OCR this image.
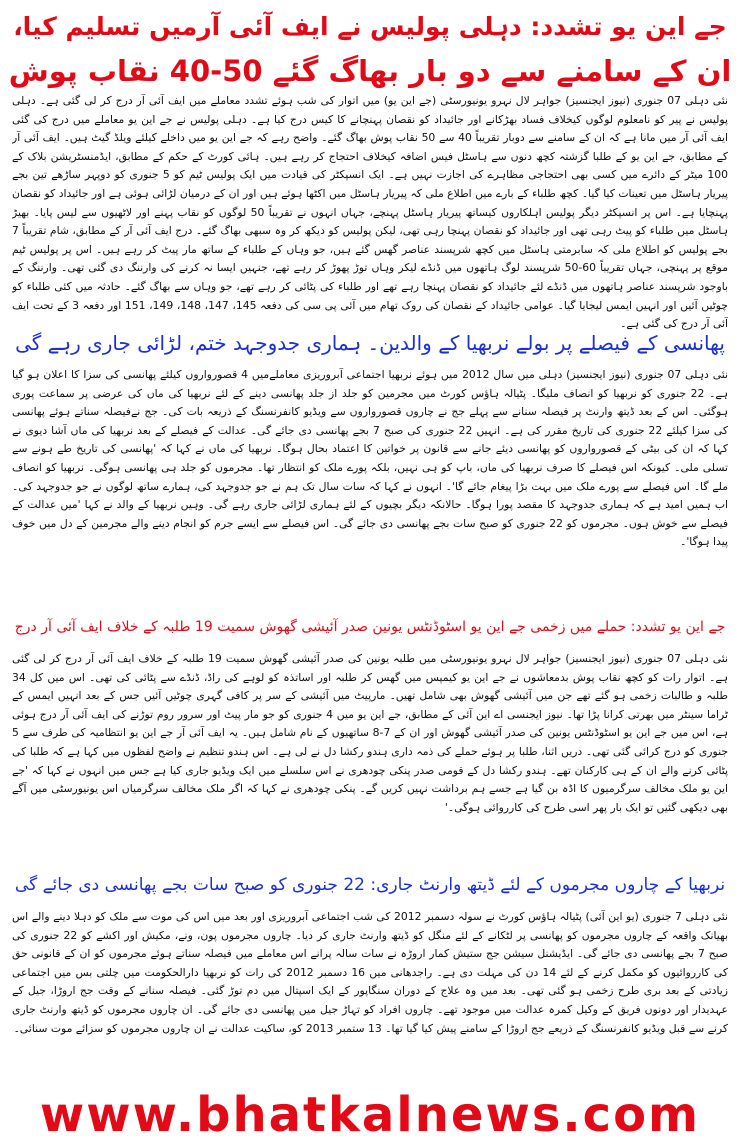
جے این یو تشدد: دہلی پولیس نے ایف آئی آرمیں تسلیم کیا،
ان کے سامنے سے دو بار بھاگ گئے 50-40 نقاب پوش
نئی دہلی 07 جنوری (نیوز ایجنسیز) جواہر لال نہرو یونیورسٹی (جے این یو) میں اتوار کی شب ہوئے تشدد معاملے میں ایف آئی آر درج کر لی گئی ہے۔ دہلی پولیس نے پیر کو نامعلوم لوگوں کیخلاف فساد بھڑکانے اور جائیداد کو نقصان پہنچانے کا کیس درج کیا ہے۔ دہلی پولیس نے جے این یو معاملے میں درج کی گئی ایف آئی آر میں مانا ہے کہ ان کے سامنے سے دوبار تقریباً 40 سے 50 نقاب پوش بھاگ گئے۔ واضح رہے کہ جے این یو میں داخلے کیلئے ویلڈ گیٹ ہیں۔ ایف آئی آر کے مطابق، جے این یو کے طلبا گزشتہ کچھ دنوں سے ہاسٹل فیس اضافہ کیخلاف احتجاج کر رہے ہیں۔ ہائی کورٹ کے حکم کے مطابق، ایڈمنسٹریشن بلاک کے 100 میٹر کے دائرے میں کسی بھی احتجاجی مظاہرے کی اجازت نہیں ہے۔ ایک انسپکٹر کی قیادت میں ایک پولیس ٹیم کو 5 جنوری کو دوپہر ساڑھے تین بجے پیریار ہاسٹل میں تعینات کیا گیا۔ کچھ طلباء کے بارے میں اطلاع ملی کہ پیریار ہاسٹل میں اکٹھا ہوئے ہیں اور ان کے درمیان لڑائی ہوئی ہے اور جائیداد کو نقصان پہنچایا ہے۔ اس پر انسپکٹر دیگر پولیس اہلکاروں کیساتھ پیریار ہاسٹل پہنچے، جہاں انہوں نے تقریباً 50 لوگوں کو نقاب پہنے اور لاٹھیوں سے لیس پایا۔ بھیڑ ہاسٹل میں طلباء کو پیٹ رہی تھی اور جائیداد کو نقصان پہنچا رہی تھی، لیکن پولیس کو دیکھ کر وہ سبھی بھاگ گئے۔ درج ایف آئی آر کے مطابق، شام تقریباً 7 بجے پولیس کو اطلاع ملی کہ سابرمتی ہاسٹل میں کچھ شرپسند عناصر گھس گئے ہیں، جو وہاں کے طلباء کے ساتھ مار پیٹ کر رہے ہیں۔ اس پر پولیس ٹیم موقع پر پہنچی، جہاں تقریباً 60-50 شرپسند لوگ ہاتھوں میں ڈنڈے لیکر وہاں توڑ پھوڑ کر رہے تھے، جنہیں ایسا نہ کرنے کی وارننگ دی گئی تھی۔ وارننگ کے باوجود شرپسند عناصر ہاتھوں میں ڈنڈے لئے جائیداد کو نقصان پہنچا رہے تھے اور طلباء کی پٹائی کر رہے تھے، جو وہاں سے بھاگ گئے۔ حادثہ میں کئی طلباء کو چوٹیں آئیں اور انہیں ایمس لیجایا گیا۔ عوامی جائیداد کے نقصان کی روک تھام میں آئی پی سی کی دفعہ 145، 147، 148، 149، 151 اور دفعہ 3 کے تحت ایف آئی آر درج کی گئی ہے۔
پھانسی کے فیصلے پر بولے نربھیا کے والدین۔ ہماری جدوجہد ختم، لڑائی جاری رہے گی
نئی دہلی 07 جنوری (نیوز ایجنسیز) دہلی میں سال 2012 میں ہوئے نربھیا اجتماعی آبروریزی معاملےمیں 4 قصورواروں کیلئے پھانسی کی سزا کا اعلان ہو گیا ہے۔ 22 جنوری کو نربھیا کو انصاف ملیگا۔ پٹیالہ ہاؤس کورٹ میں مجرمین کو جلد از جلد پھانسی دینے کے لئے نربھیا کی ماں کی عرضی پر سماعت پوری ہوگئی۔ اس کے بعد ڈیتھ وارنٹ پر فیصلہ سنانے سے پہلے جج نے چاروں قصورواروں سے ویڈیو کانفرنسنگ کے ذریعہ بات کی۔ جج نےفیصلہ سناتے ہوئے پھانسی کی سزا کیلئے 22 جنوری کی تاریخ مقرر کی ہے۔ انہیں 22 جنوری کی صبح 7 بجے پھانسی دی جائے گی۔ عدالت کے فیصلے کے بعد نربھیا کی ماں آشا دیوی نے کہا کہ ان کی بیٹی کے قصورواروں کو پھانسی دیئے جانے سے قانون پر خواتین کا اعتماد بحال ہوگا۔ نربھیا کی ماں نے کہا کہ 'پھانسی کی تاریخ طے ہونے سے تسلی ملی۔ کیونکہ اس فیصلے کا صرف نربھیا کی ماں، باپ کو ہی نہیں، بلکہ پورے ملک کو انتظار تھا۔ مجرموں کو جلد ہی پھانسی ہوگی۔ نربھیا کو انصاف ملے گا۔ اس فیصلے سے پورے ملک میں بہت بڑا پیغام جائے گا'۔ انہوں نے کہا کہ سات سال تک ہم نے جو جدوجہد کی، ہمارے ساتھ لوگوں نے جو جدوجہد کی۔ اب ہمیں امید ہے کہ ہماری جدوجہد کا مقصد پورا ہوگا۔ حالانکہ دیگر بچیوں کے لئے ہماری لڑائی جاری رہے گی۔ وہیں نربھیا کے والد نے کہا 'میں عدالت کے فیصلے سے خوش ہوں۔ مجرموں کو 22 جنوری کو صبح سات بجے پھانسی دی جائے گی۔ اس فیصلے سے ایسے جرم کو انجام دینے والے مجرمین کے دل میں خوف پیدا ہوگا'۔
جے این یو تشدد: حملے میں زخمی جے این یو اسٹوڈنٹس یونین صدر آئیشی گھوش سمیت 19 طلبہ کے خلاف ایف آئی آر درج
نئی دہلی 07 جنوری (نیوز ایجنسیز) جواہر لال نہرو یونیورسٹی میں طلبہ یونین کی صدر آئیشی گھوش سمیت 19 طلبہ کے خلاف ایف آئی آر درج کر لی گئی ہے۔ اتوار رات کو کچھ نقاب پوش بدمعاشوں نے جے این یو کیمپس میں گھس کر طلبہ اور اساتذہ کو لوہے کی راڈ، ڈنڈے سے پٹائی کی تھی۔ اس میں کل 34 طلبہ و طالبات زخمی ہو گئے تھے جن میں آئیشی گھوش بھی شامل تھیں۔ مارپیٹ میں آئیشی کے سر پر کافی گہری چوٹیں آئیں جس کے بعد انہیں ایمس کے ٹراما سینٹر میں بھرتی کرانا پڑا تھا۔ نیوز ایجنسی اے این آئی کے مطابق، جے این یو میں 4 جنوری کو جو مار پیٹ اور سرور روم توڑنے کی ایف آئی آر درج ہوئی ہے، اس میں جے این یو اسٹوڈنٹس یونین کی صدر آئیشی گھوش اور ان کے 7-8 ساتھیوں کے نام شامل ہیں۔ یہ ایف آئی آر جے این یو انتظامیہ کی طرف سے 5 جنوری کو درج کرائی گئی تھی۔ دریں اثنا، طلبا پر ہوئے حملے کی ذمہ داری ہندو رکشا دل نے لی ہے۔ اس ہندو تنظیم نے واضح لفظوں میں کہا ہے کہ طلبا کی پٹائی کرنے والے ان کے ہی کارکنان تھے۔ ہندو رکشا دل کے قومی صدر پنکی چودھری نے اس سلسلے میں ایک ویڈیو جاری کیا ہے جس میں انہوں نے کہا کہ 'جے این یو ملک مخالف سرگرمیوں کا اڈہ بن گیا ہے جسے ہم برداشت نہیں کریں گے۔ پنکی چودھری نے کہا کہ اگر ملک مخالف سرگرمیاں اس یونیورسٹی میں آگے بھی دیکھی گئیں تو ایک بار پھر اسی طرح کی کارروائی ہوگی۔'
نربھیا کے چاروں مجرموں کے لئے ڈیتھ وارنٹ جاری: 22 جنوری کو صبح سات بجے پھانسی دی جائے گی
نئی دہلی 7 جنوری (یو این آئی) پٹیالہ ہاؤس کورٹ نے سولہ دسمبر 2012 کی شب اجتماعی آبروریزی اور بعد میں اس کی موت سے ملک کو دہلا دینے والے اس بھیانک واقعہ کے چاروں مجرموں کو پھانسی پر لٹکانے کے لئے منگل کو ڈیتھ وارنٹ جاری کر دیا۔ چاروں مجرموں پون، ونے، مکیش اور اکشے کو 22 جنوری کی صبح 7 بجے پھانسی دی جائے گی۔ ایڈیشنل سیشن جج ستیش کمار اروڑہ نے سات سالہ پرانے اس معاملے میں فیصلہ سناتے ہوئے مجرموں کو ان کے قانونی حق کی کارروائیوں کو مکمل کرنے کے لئے 14 دن کی مہلت دی ہے۔ راجدھانی میں 16 دسمبر 2012 کی رات کو نربھیا دارالحکومت میں چلتی بس میں اجتماعی زیادتی کے بعد بری طرح زخمی ہو گئی تھی۔ بعد میں وہ علاج کے دوران سنگاپور کے ایک اسپتال میں دم توڑ گئی۔ فیصلہ سنانے کے وقت جج اروڑا، جیل کے عہدیدار اور دونوں فریق کے وکیل کمرہ عدالت میں موجود تھے۔ چاروں افراد کو تہاڑ جیل میں پھانسی دی جائے گی۔ ان چاروں مجرموں کو ڈیتھ وارنٹ جاری کرنے سے قبل ویڈیو کانفرنسنگ کے ذریعے جج اروڑا کے سامنے پیش کیا گیا تھا۔ 13 ستمبر 2013 کو، ساکیت عدالت نے ان چاروں مجرموں کو سزائے موت سنائی۔
www.bhatkalnews.com
